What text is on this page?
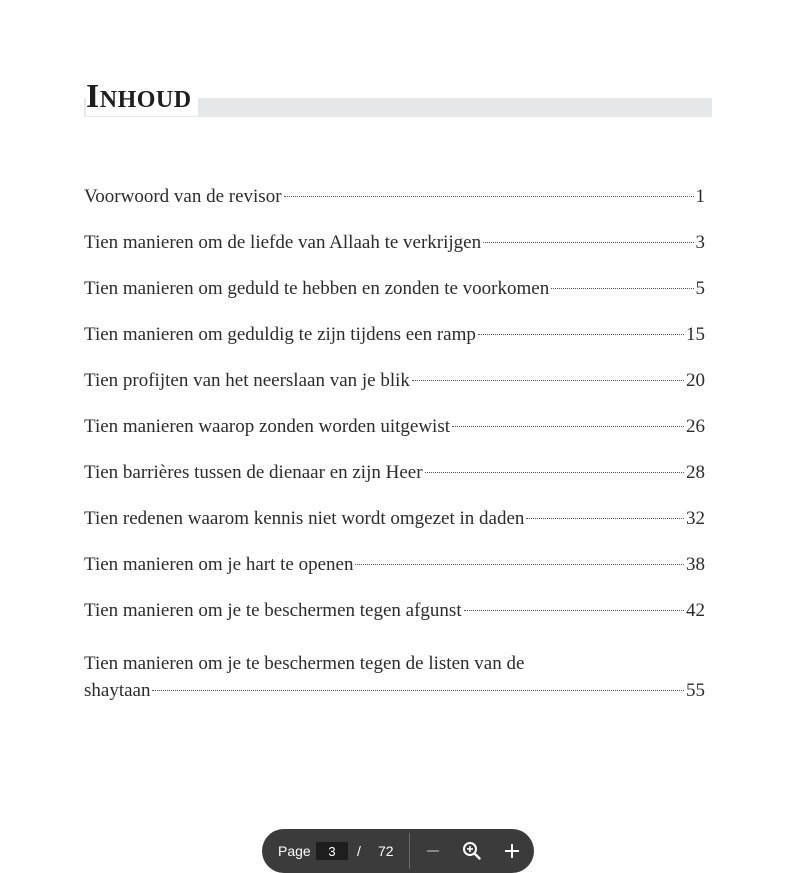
Inhoud
Voorwoord van de revisor	1
Tien manieren om de liefde van Allaah te verkrijgen	3
Tien manieren om geduld te hebben en zonden te voorkomen	5
Tien manieren om geduldig te zijn tijdens een ramp	15
Tien profijten van het neerslaan van je blik	20
Tien manieren waarop zonden worden uitgewist	26
Tien barrières tussen de dienaar en zijn Heer	28
Tien redenen waarom kennis niet wordt omgezet in daden	32
Tien manieren om je hart te openen	38
Tien manieren om je te beschermen tegen afgunst	42
Tien manieren om je te beschermen tegen de listen van de
shaytaan	55
Page
3	/ 72
